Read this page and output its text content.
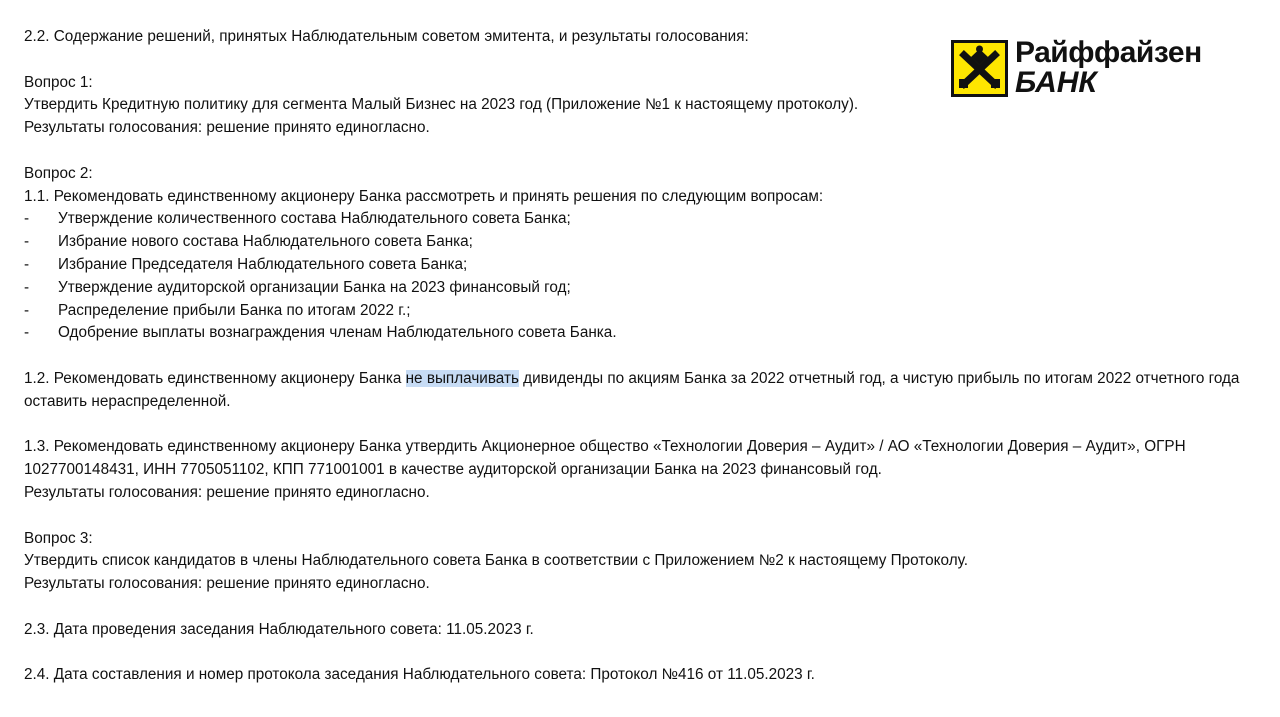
Райффайзен
БАНК
2.2. Содержание решений, принятых Наблюдательным советом эмитента, и результаты голосования:
Вопрос 1:
Утвердить Кредитную политику для сегмента Малый Бизнес на 2023 год (Приложение №1 к настоящему протоколу).
Результаты голосования: решение принято единогласно.
Вопрос 2:
1.1. Рекомендовать единственному акционеру Банка рассмотреть и принять решения по следующим вопросам:
-	Утверждение количественного состава Наблюдательного совета Банка;
-	Избрание нового состава Наблюдательного совета Банка;
-	Избрание Председателя Наблюдательного совета Банка;
-	Утверждение аудиторской организации Банка на 2023 финансовый год;
-	Распределение прибыли Банка по итогам 2022 г.;
-	Одобрение выплаты вознаграждения членам Наблюдательного совета Банка.
1.2. Рекомендовать единственному акционеру Банка не выплачивать дивиденды по акциям Банка за 2022 отчетный год, а чистую прибыль по итогам 2022 отчетного года оставить нераспределенной.
1.3. Рекомендовать единственному акционеру Банка утвердить Акционерное общество «Технологии Доверия – Аудит» / АО «Технологии Доверия – Аудит», ОГРН
1027700148431, ИНН 7705051102, КПП 771001001 в качестве аудиторской организации Банка на 2023 финансовый год.
Результаты голосования: решение принято единогласно.
Вопрос 3:
Утвердить список кандидатов в члены Наблюдательного совета Банка в соответствии с Приложением №2 к настоящему Протоколу.
Результаты голосования: решение принято единогласно.
2.3. Дата проведения заседания Наблюдательного совета: 11.05.2023 г.
2.4. Дата составления и номер протокола заседания Наблюдательного совета: Протокол №416 от 11.05.2023 г.
